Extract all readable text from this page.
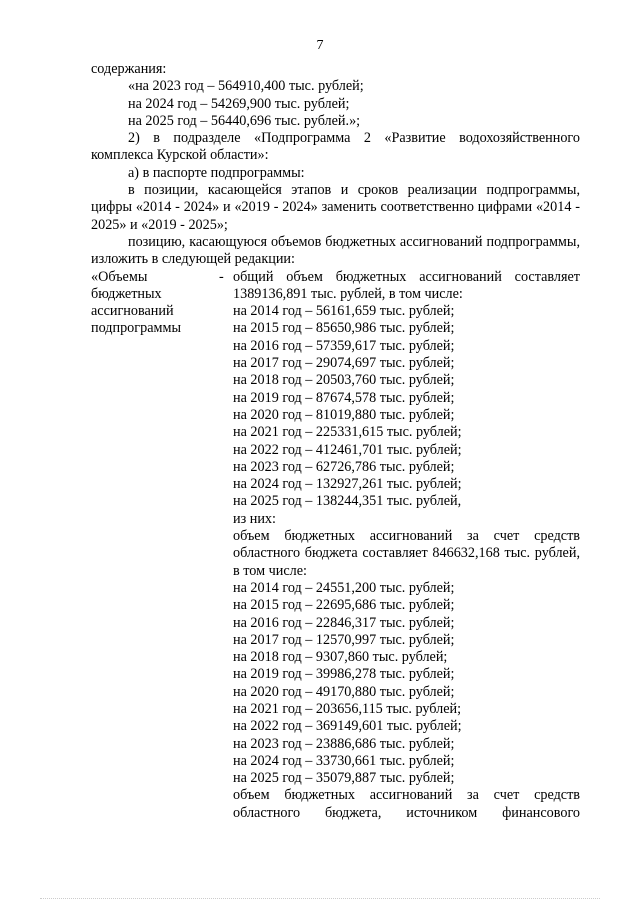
7

содержания:

«на 2023 год – 564910,400 тыс. рублей;

на 2024 год – 54269,900 тыс. рублей;

на 2025 год – 56440,696 тыс. рублей.»;

2) в подразделе «Подпрограмма 2 «Развитие водохозяйственного комплекса Курской области»:

а) в паспорте подпрограммы:

в позиции, касающейся этапов и сроков реализации подпрограммы, цифры «2014 - 2024» и «2019 - 2024» заменить соответственно цифрами «2014 - 2025» и «2019 - 2025»;

позицию, касающуюся объемов бюджетных ассигнований подпрограммы, изложить в следующей редакции:

«Объемы
бюджетных
ассигнований
подпрограммы
- общий объем бюджетных ассигнований составляет 1389136,891 тыс. рублей, в том числе:

на 2014 год – 56161,659 тыс. рублей;
на 2015 год – 85650,986 тыс. рублей;
на 2016 год – 57359,617 тыс. рублей;
на 2017 год – 29074,697 тыс. рублей;
на 2018 год – 20503,760 тыс. рублей;
на 2019 год – 87674,578 тыс. рублей;
на 2020 год – 81019,880 тыс. рублей;
на 2021 год – 225331,615 тыс. рублей;
на 2022 год – 412461,701 тыс. рублей;
на 2023 год – 62726,786 тыс. рублей;
на 2024 год – 132927,261 тыс. рублей;
на 2025 год – 138244,351 тыс. рублей,
из них:

объем бюджетных ассигнований за счет средств областного бюджета составляет 846632,168 тыс. рублей, в том числе:

на 2014 год – 24551,200 тыс. рублей;
на 2015 год – 22695,686 тыс. рублей;
на 2016 год – 22846,317 тыс. рублей;
на 2017 год – 12570,997 тыс. рублей;
на 2018 год – 9307,860 тыс. рублей;
на 2019 год – 39986,278 тыс. рублей;
на 2020 год – 49170,880 тыс. рублей;
на 2021 год – 203656,115 тыс. рублей;
на 2022 год – 369149,601 тыс. рублей;
на 2023 год – 23886,686 тыс. рублей;
на 2024 год – 33730,661 тыс. рублей;
на 2025 год – 35079,887 тыс. рублей;

объем бюджетных ассигнований за счет средств областного бюджета, источником финансового
